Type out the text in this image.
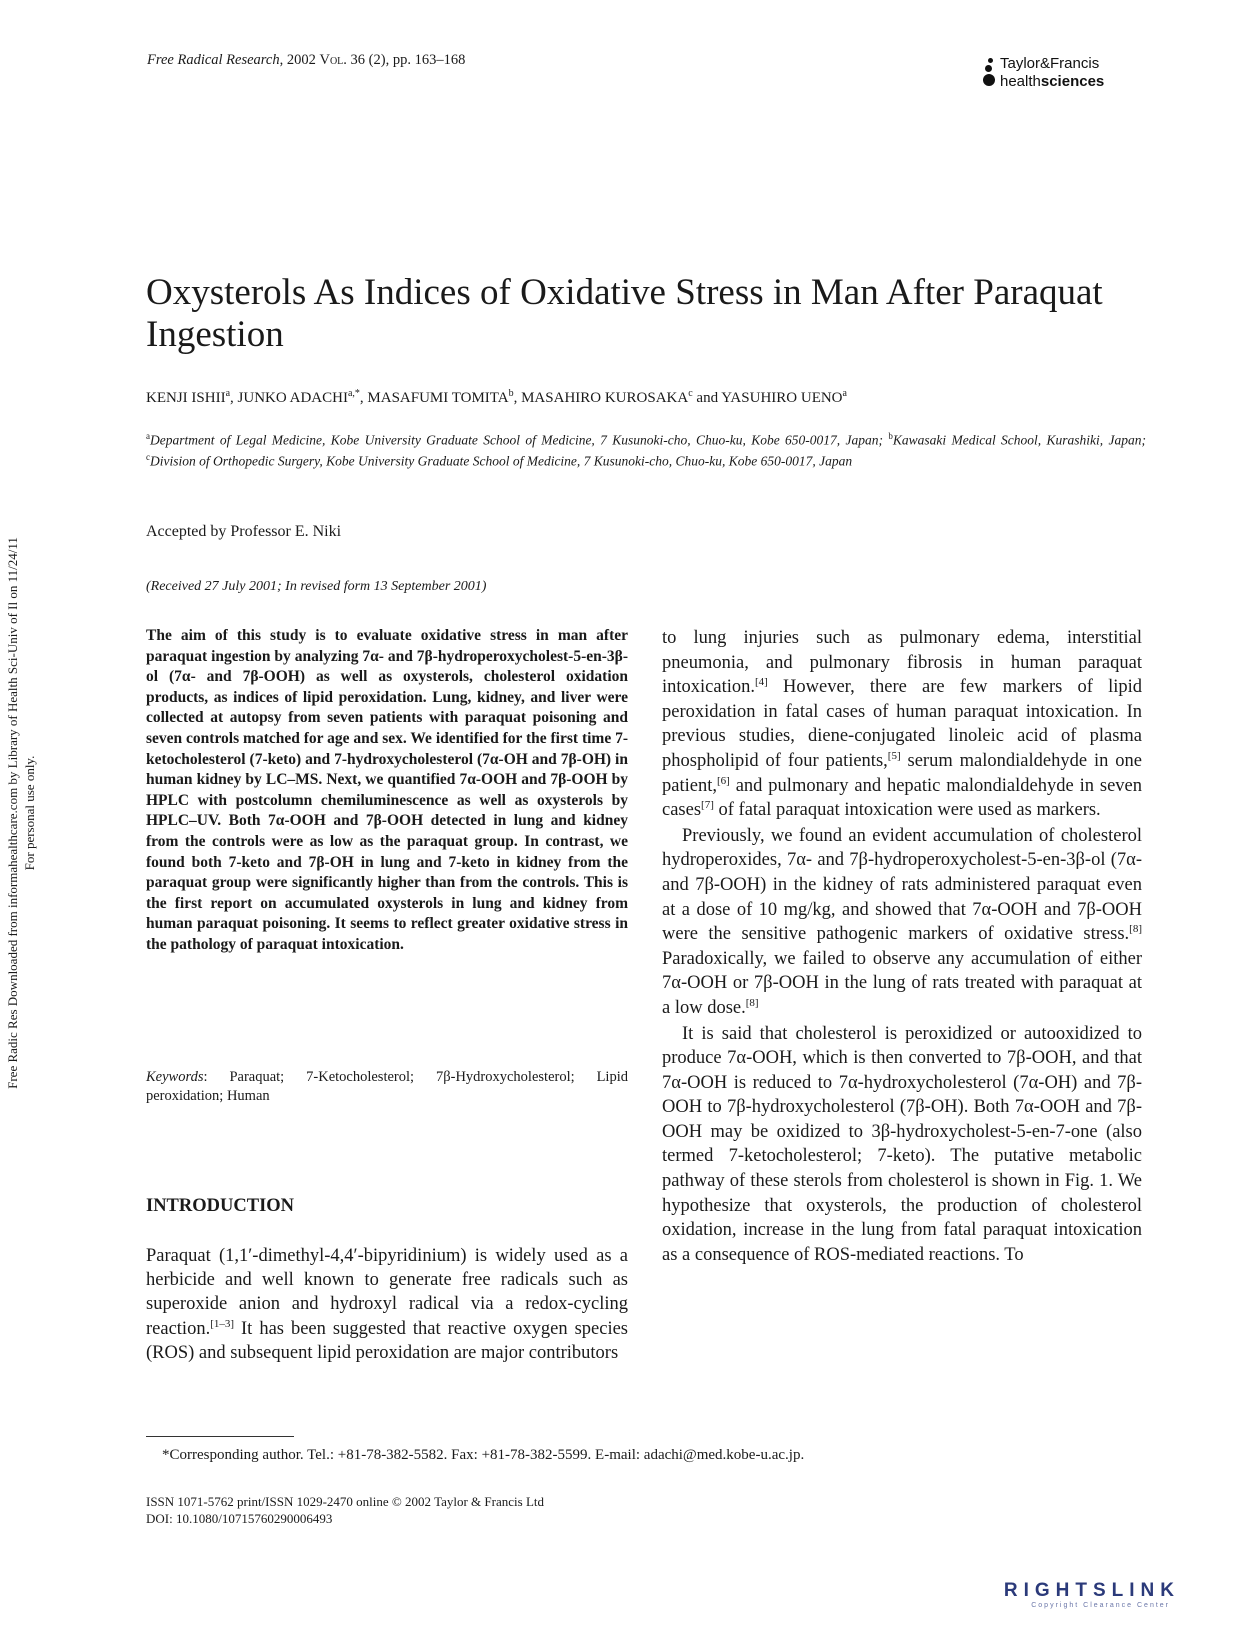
Free Radical Research, 2002 Vol. 36 (2), pp. 163–168	Taylor&Francis
healthsciences
Free Radic Res Downloaded from informahealthcare.com by Library of Health Sci-Univ of Il on 11/24/11 For personal use only.
Oxysterols As Indices of Oxidative Stress in Man After Paraquat Ingestion
KENJI ISHII$^a$, JUNKO $ADACHI^{a,*}$, MASAFUMI TOMITA$^b$, MASAHIRO KUROSAKA$^c$ and YASUHIRO UENO$^a$
$^a$Department of Legal Medicine, Kobe University Graduate School of Medicine, 7 Kusunoki-cho, Chuo-ku, Kobe 650-0017, Japan; $^b$Kawasaki Medical School, Kurashiki, Japan; $^c$Division of Orthopedic Surgery, Kobe University Graduate School of Medicine, 7 Kusunoki-cho, Chuo-ku, Kobe 650-0017, Japan
Accepted by Professor E. Niki
(Received 27 July 2001; In revised form 13 September 2001)
The aim of this study is to evaluate oxidative stress in man after paraquat ingestion by analyzing 7α- and 7β-hydroperoxycholest-5-en-3β-ol (7α- and 7β-OOH) as well as oxysterols, cholesterol oxidation products, as indices of lipid peroxidation. Lung, kidney, and liver were collected at autopsy from seven patients with paraquat poisoning and seven controls matched for age and sex. We identified for the first time 7-ketocholesterol (7-keto) and 7-hydroxycholesterol (7α-OH and 7β-OH) in human kidney by LC–MS. Next, we quantified 7α-OOH and 7β-OOH by HPLC with postcolumn chemiluminescence as well as oxysterols by HPLC–UV. Both 7α-OOH and 7β-OOH detected in lung and kidney from the controls were as low as the paraquat group. In contrast, we found both 7-keto and 7β-OH in lung and 7-keto in kidney from the paraquat group were significantly higher than from the controls. This is the first report on accumulated oxysterols in lung and kidney from human paraquat poisoning. It seems to reflect greater oxidative stress in the pathology of paraquat intoxication.
Keywords: Paraquat; 7-Ketocholesterol; 7β-Hydroxycholesterol; Lipid peroxidation; Human
INTRODUCTION
Paraquat (1,1′-dimethyl-4,4′-bipyridinium) is widely used as a herbicide and well known to generate free radicals such as superoxide anion and hydroxyl radical via a redox-cycling reaction.[1–3] It has been suggested that reactive oxygen species (ROS) and subsequent lipid peroxidation are major contributors

to lung injuries such as pulmonary edema, interstitial pneumonia, and pulmonary fibrosis in human paraquat intoxication.[4] However, there are few markers of lipid peroxidation in fatal cases of human paraquat intoxication. In previous studies, diene-conjugated linoleic acid of plasma phospholipid of four patients,[5] serum malondialdehyde in one patient,[6] and pulmonary and hepatic malondialdehyde in seven cases[7] of fatal paraquat intoxication were used as markers.

Previously, we found an evident accumulation of cholesterol hydroperoxides, 7α- and 7β-hydroperoxycholest-5-en-3β-ol (7α- and 7β-OOH) in the kidney of rats administered paraquat even at a dose of 10 mg/kg, and showed that 7α-OOH and 7β-OOH were the sensitive pathogenic markers of oxidative stress.[8] Paradoxically, we failed to observe any accumulation of either 7α-OOH or 7β-OOH in the lung of rats treated with paraquat at a low dose.[8]

It is said that cholesterol is peroxidized or autooxidized to produce 7α-OOH, which is then converted to 7β-OOH, and that 7α-OOH is reduced to 7α-hydroxycholesterol (7α-OH) and 7β-OOH to 7β-hydroxycholesterol (7β-OH). Both 7α-OOH and 7β-OOH may be oxidized to 3β-hydroxycholest-5-en-7-one (also termed 7-ketocholesterol; 7-keto). The putative metabolic pathway of these sterols from cholesterol is shown in Fig. 1. We hypothesize that oxysterols, the production of cholesterol oxidation, increase in the lung from fatal paraquat intoxication as a consequence of ROS-mediated reactions. To

*Corresponding author. Tel.: +81-78-382-5582. Fax: +81-78-382-5599. E-mail: adachi@med.kobe-u.ac.jp.
ISSN 1071-5762 print/ISSN 1029-2470 online © 2002 Taylor & Francis Ltd
DOI: 10.1080/10715760290006493
RIGHTSLINK
Copyright Clearance Center
